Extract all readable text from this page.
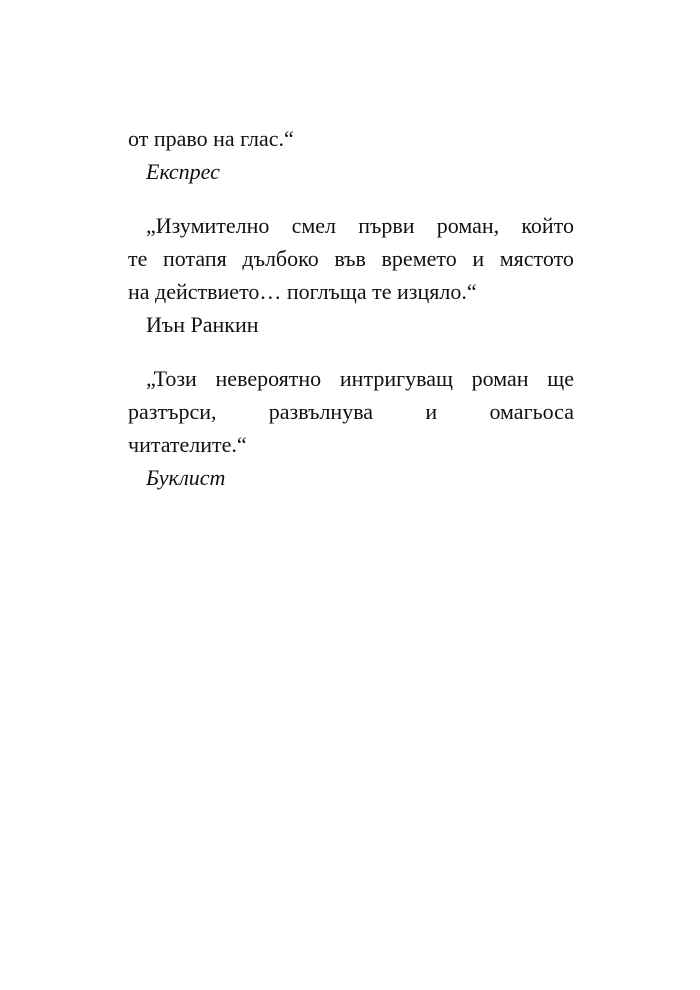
от право на глас.“
Експрес
„Изумително смел първи роман, който
те потапя дълбоко във времето и мястото
на действието… поглъща те изцяло.“
Иън Ранкин
„Този невероятно интригуващ роман ще
разтърси, развълнува и омагьоса
читателите.“
Буклист
